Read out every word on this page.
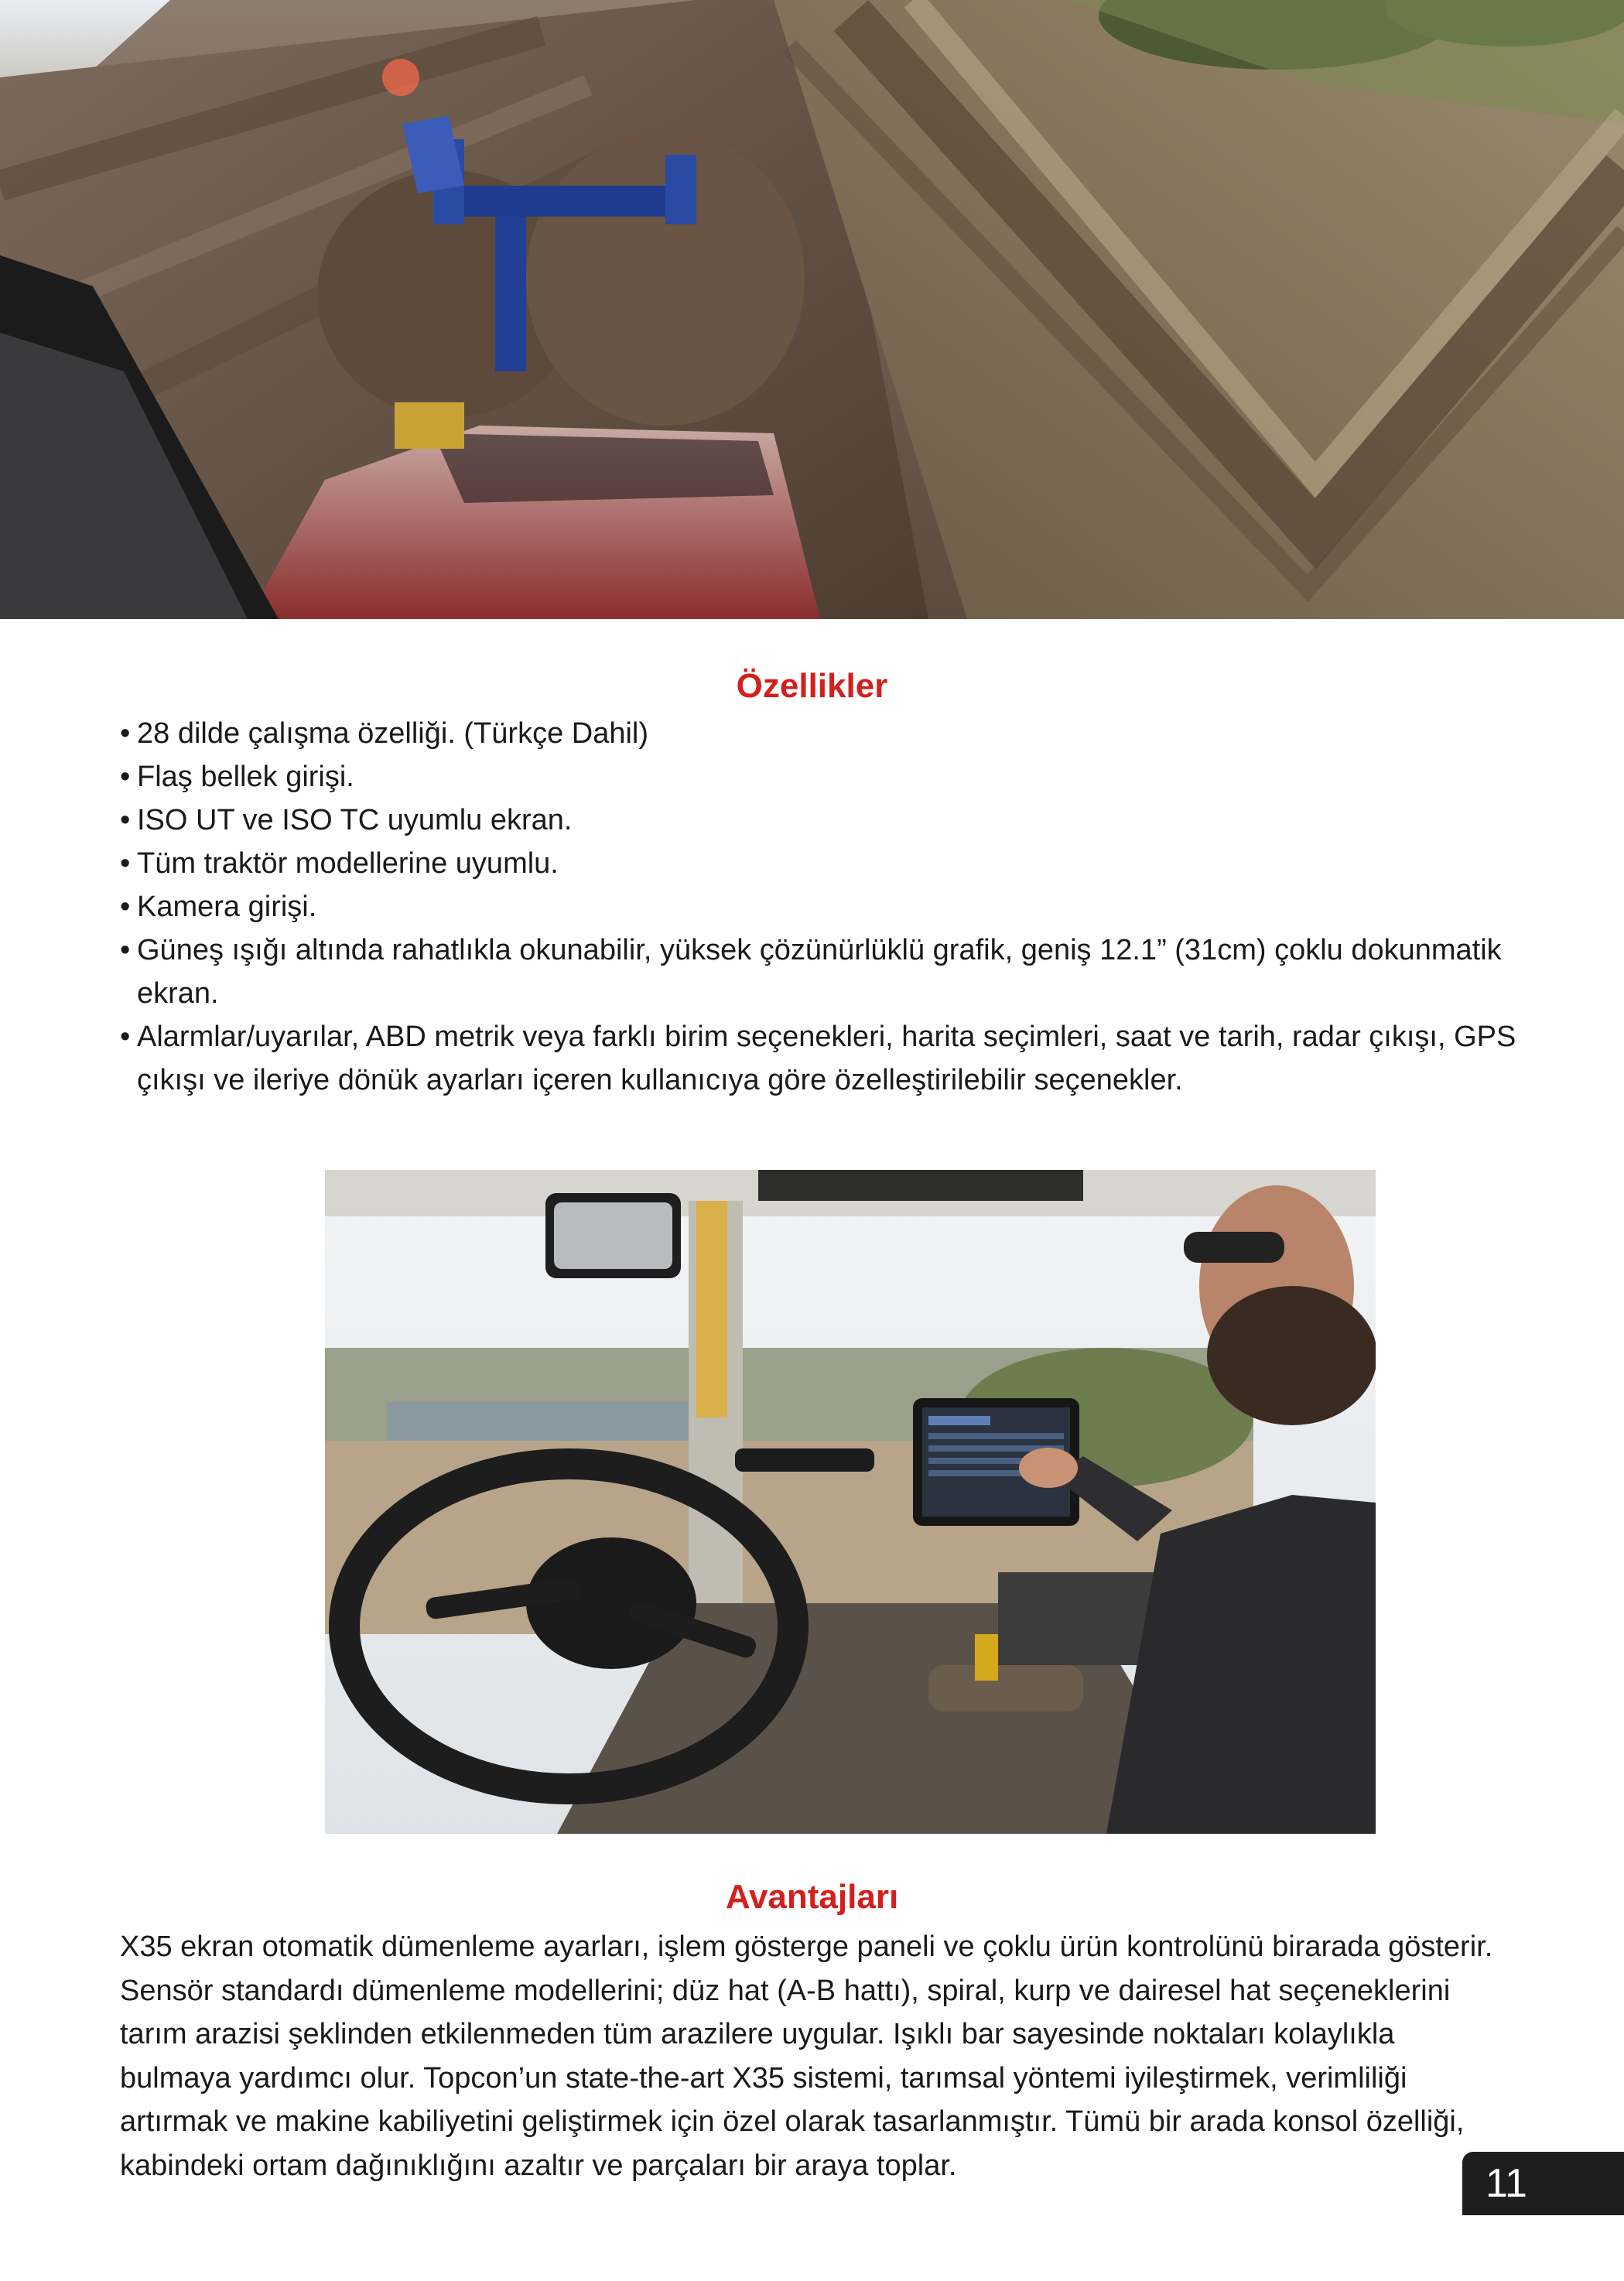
Özellikler
• 28 dilde çalışma özelliği. (Türkçe Dahil)
• Flaş bellek girişi.
• ISO UT ve ISO TC uyumlu ekran.
• Tüm traktör modellerine uyumlu.
• Kamera girişi.
• Güneş ışığı altında rahatlıkla okunabilir, yüksek çözünürlüklü grafik, geniş 12.1” (31cm) çoklu dokunmatik ekran.
• Alarmlar/uyarılar, ABD metrik veya farklı birim seçenekleri, harita seçimleri, saat ve tarih, radar çıkışı, GPS çıkışı ve ileriye dönük ayarları içeren kullanıcıya göre özelleştirilebilir seçenekler.
Avantajları

X35 ekran otomatik dümenleme ayarları, işlem gösterge paneli ve çoklu ürün kontrolünü birarada gösterir. Sensör standardı dümenleme modellerini; düz hat (A-B hattı), spiral, kurp ve dairesel hat seçeneklerini tarım arazisi şeklinden etkilenmeden tüm arazilere uygular. Işıklı bar sayesinde noktaları kolaylıkla bulmaya yardımcı olur. Topcon’un state-the-art X35 sistemi, tarımsal yöntemi iyileştirmek, verimliliği artırmak ve makine kabiliyetini geliştirmek için özel olarak tasarlanmıştır. Tümü bir arada konsol özelliği, kabindeki ortam dağınıklığını azaltır ve parçaları bir araya toplar.	11
